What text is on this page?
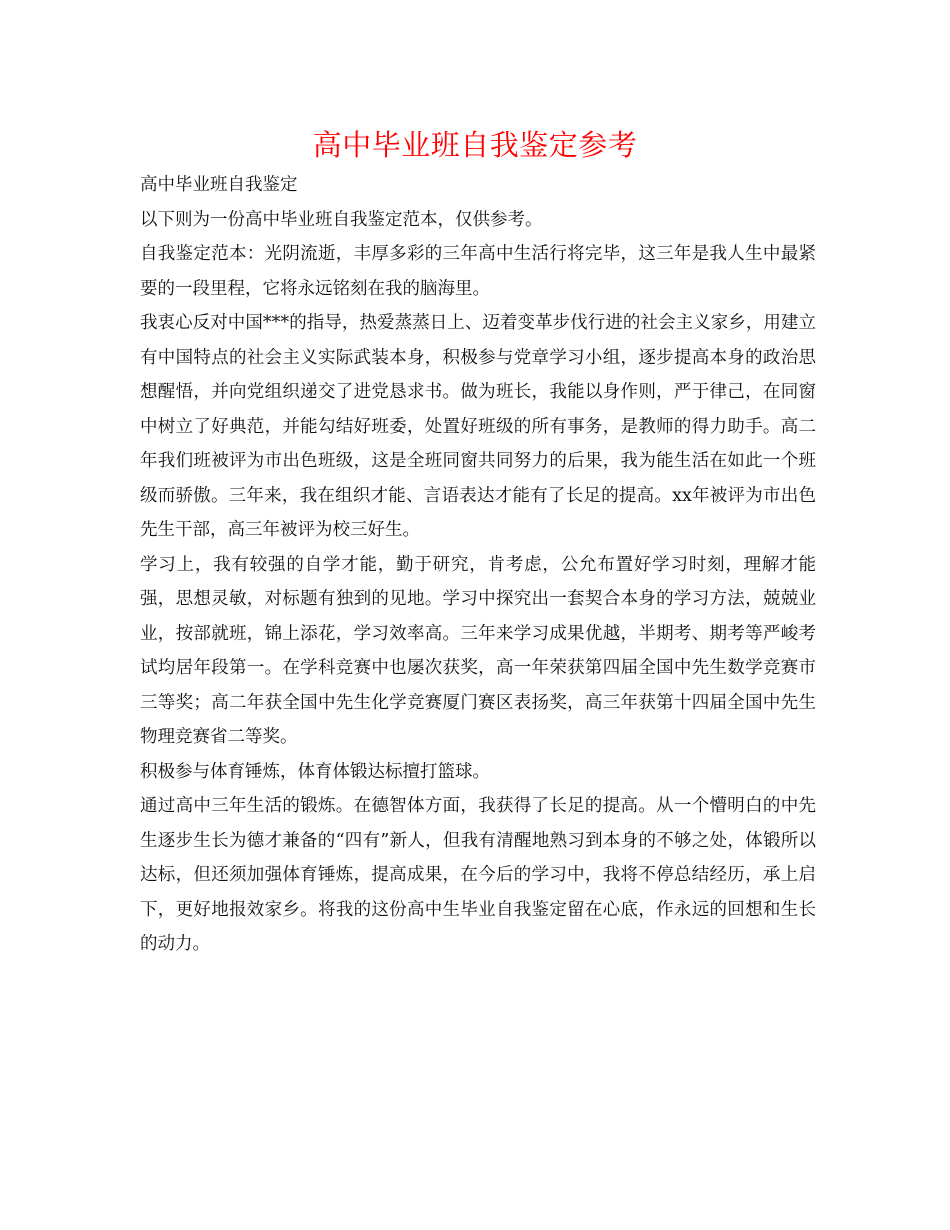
高中毕业班自我鉴定参考

高中毕业班自我鉴定

以下则为一份高中毕业班自我鉴定范本，仅供参考。

自我鉴定范本：光阴流逝，丰厚多彩的三年高中生活行将完毕，这三年是我人生中最紧要的一段里程，它将永远铭刻在我的脑海里。

我衷心反对中国***的指导，热爱蒸蒸日上、迈着变革步伐行进的社会主义家乡，用建立有中国特点的社会主义实际武装本身，积极参与党章学习小组，逐步提高本身的政治思想醒悟，并向党组织递交了进党恳求书。做为班长，我能以身作则，严于律己，在同窗中树立了好典范，并能勾结好班委，处置好班级的所有事务，是教师的得力助手。高二年我们班被评为市出色班级，这是全班同窗共同努力的后果，我为能生活在如此一个班级而骄傲。三年来，我在组织才能、言语表达才能有了长足的提高。xx年被评为市出色先生干部，高三年被评为校三好生。

学习上，我有较强的自学才能，勤于研究，肯考虑，公允布置好学习时刻，理解才能强，思想灵敏，对标题有独到的见地。学习中探究出一套契合本身的学习方法，兢兢业业，按部就班，锦上添花，学习效率高。三年来学习成果优越，半期考、期考等严峻考试均居年段第一。在学科竞赛中也屡次获奖，高一年荣获第四届全国中先生数学竞赛市三等奖；高二年获全国中先生化学竞赛厦门赛区表扬奖，高三年获第十四届全国中先生物理竞赛省二等奖。

积极参与体育锤炼，体育体锻达标擅打篮球。

通过高中三年生活的锻炼。在德智体方面，我获得了长足的提高。从一个懵明白的中先生逐步生长为德才兼备的“四有”新人，但我有清醒地熟习到本身的不够之处，体锻所以达标，但还须加强体育锤炼，提高成果，在今后的学习中，我将不停总结经历，承上启下，更好地报效家乡。将我的这份高中生毕业自我鉴定留在心底，作永远的回想和生长的动力。
